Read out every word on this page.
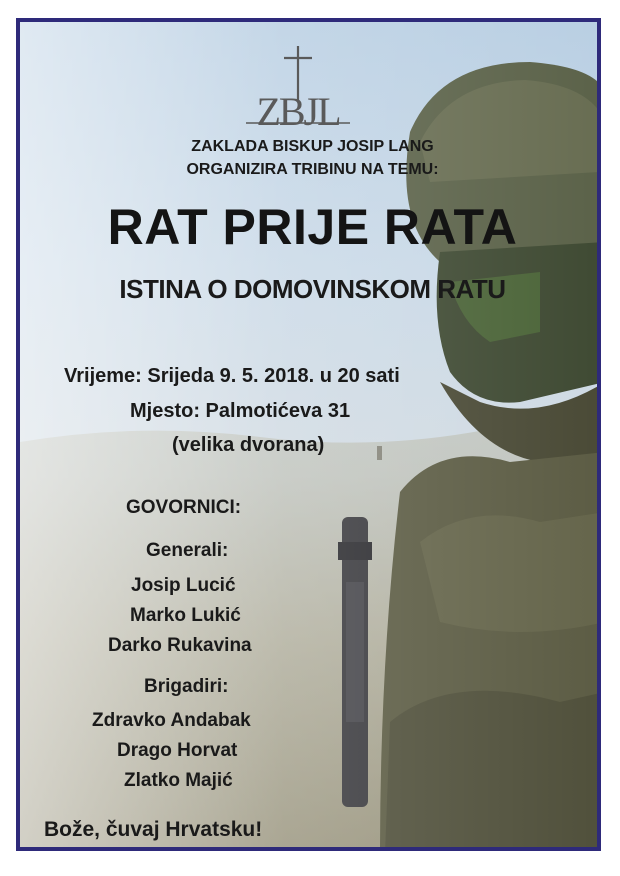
ZBJL
ZAKLADA BISKUP JOSIP LANG
ORGANIZIRA TRIBINU NA TEMU:
RAT PRIJE RATA
ISTINA O DOMOVINSKOM RATU
Vrijeme: Srijeda 9. 5. 2018. u 20 sati
Mjesto: Palmotićeva 31
(velika dvorana)
GOVORNICI:
Generali:
Josip Lucić
Marko Lukić
Darko Rukavina
Brigadiri:
Zdravko Andabak
Drago Horvat
Zlatko Majić
Bože, čuvaj Hrvatsku!
